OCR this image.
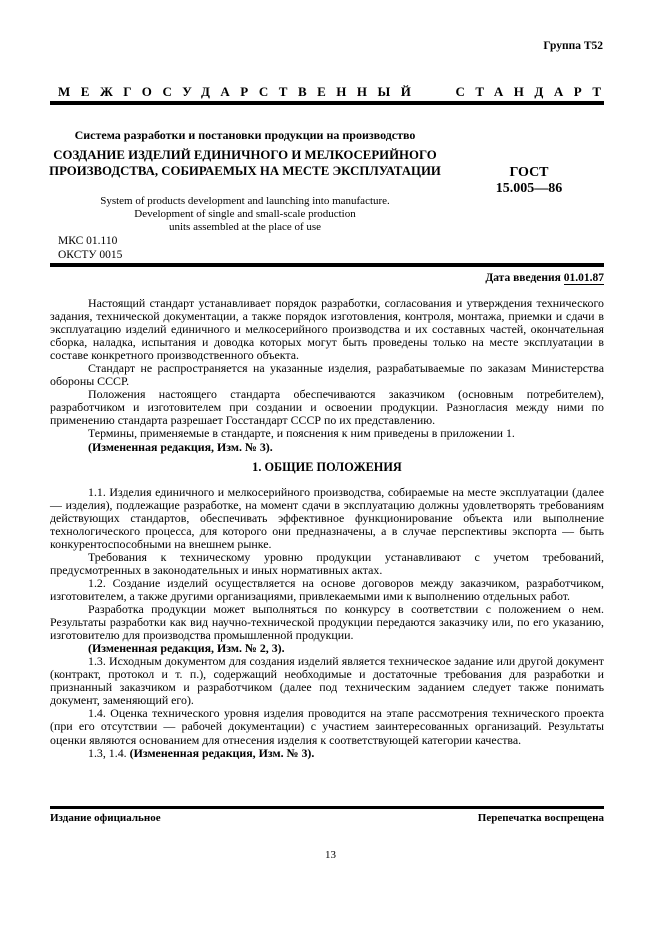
Группа Т52
МЕЖГОСУДАРСТВЕННЫЙ	СТАНДАРТ
Система разработки и постановки продукции на производство
СОЗДАНИЕ ИЗДЕЛИЙ ЕДИНИЧНОГО И МЕЛКОСЕРИЙНОГО
ПРОИЗВОДСТВА, СОБИРАЕМЫХ НА МЕСТЕ ЭКСПЛУАТАЦИИ	ГОСТ
15.005—86
System of products development and launching into manufacture.
Development of single and small-scale production
units assembled at the place of use
МКС 01.110
ОКСТУ 0015
Дата введения 01.01.87

Настоящий стандарт устанавливает порядок разработки, согласования и утверждения технического задания, технической документации, а также порядок изготовления, контроля, монтажа, приемки и сдачи в эксплуатацию изделий единичного и мелкосерийного производства и их составных частей, окончательная сборка, наладка, испытания и доводка которых могут быть проведены только на месте эксплуатации в составе конкретного производственного объекта.

Стандарт не распространяется на указанные изделия, разрабатываемые по заказам Министерства обороны СССР.

Положения настоящего стандарта обеспечиваются заказчиком (основным потребителем), разработчиком и изготовителем при создании и освоении продукции. Разногласия между ними по применению стандарта разрешает Госстандарт СССР по их представлению.

Термины, применяемые в стандарте, и пояснения к ним приведены в приложении 1.

(Измененная редакция, Изм. № 3).

1. ОБЩИЕ ПОЛОЖЕНИЯ

1.1. Изделия единичного и мелкосерийного производства, собираемые на месте эксплуатации (далее — изделия), подлежащие разработке, на момент сдачи в эксплуатацию должны удовлетворять требованиям действующих стандартов, обеспечивать эффективное функционирование объекта или выполнение технологического процесса, для которого они предназначены, а в случае перспективы экспорта — быть конкурентоспособными на внешнем рынке.

Требования к техническому уровню продукции устанавливают с учетом требований, предусмотренных в законодательных и иных нормативных актах.

1.2. Создание изделий осуществляется на основе договоров между заказчиком, разработчиком, изготовителем, а также другими организациями, привлекаемыми ими к выполнению отдельных работ.

Разработка продукции может выполняться по конкурсу в соответствии с положением о нем. Результаты разработки как вид научно-технической продукции передаются заказчику или, по его указанию, изготовителю для производства промышленной продукции.

(Измененная редакция, Изм. № 2, 3).

1.3. Исходным документом для создания изделий является техническое задание или другой документ (контракт, протокол и т. п.), содержащий необходимые и достаточные требования для разработки и признанный заказчиком и разработчиком (далее под техническим заданием следует также понимать документ, заменяющий его).

1.4. Оценка технического уровня изделия проводится на этапе рассмотрения технического проекта (при его отсутствии — рабочей документации) с участием заинтересованных организаций. Результаты оценки являются основанием для отнесения изделия к соответствующей категории качества.

1.3, 1.4. (Измененная редакция, Изм. № 3).

Издание официальное	Перепечатка воспрещена
13
